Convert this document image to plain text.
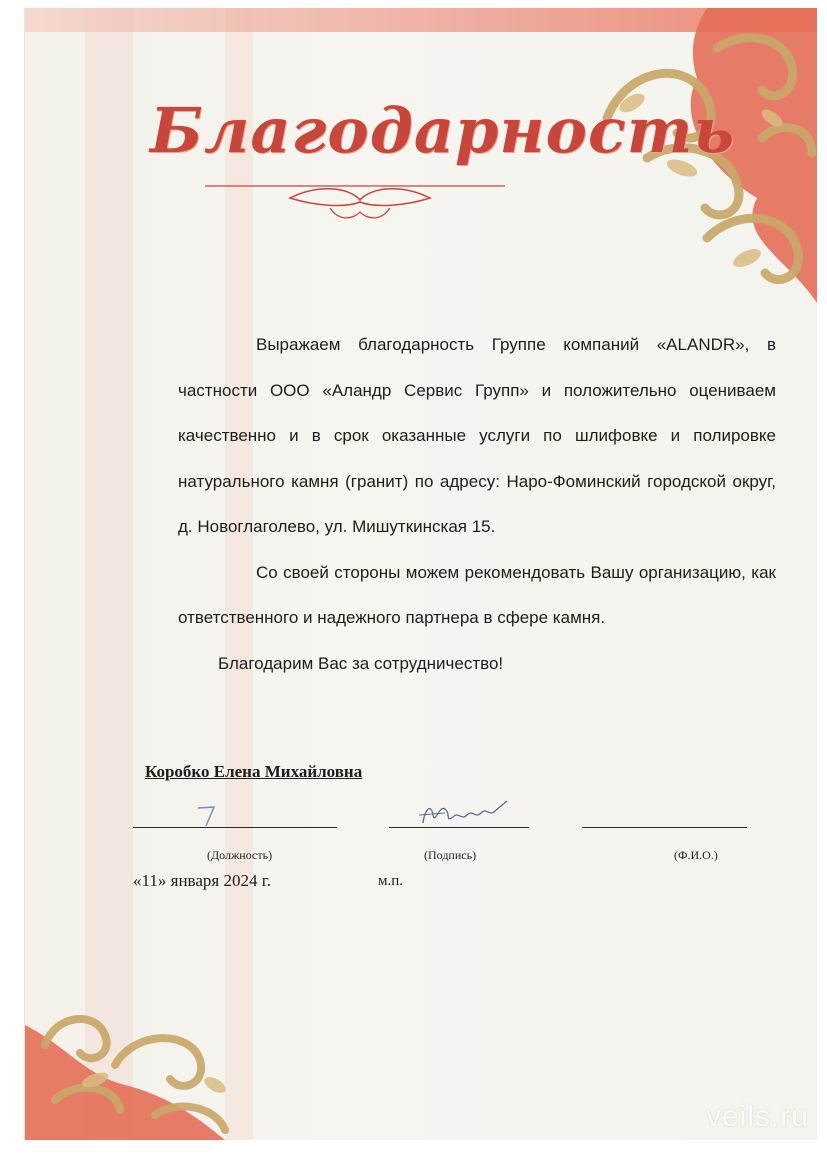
Благодарность
veils.ru

Выражаем благодарность Группе компаний «ALANDR», в частности ООО «Аландр Сервис Групп» и положительно оцениваем качественно и в срок оказанные услуги по шлифовке и полировке натурального камня (гранит) по адресу: Наро-Фоминский городской округ, д. Новоглаголево, ул. Мишуткинская 15.

Со своей стороны можем рекомендовать Вашу организацию, как ответственного и надежного партнера в сфере камня.

Благодарим Вас за сотрудничество!

Коробко Елена Михайловна
(Должность)	(Подпись)	(Ф.И.О.)
«11» января 2024 г.	м.п.
